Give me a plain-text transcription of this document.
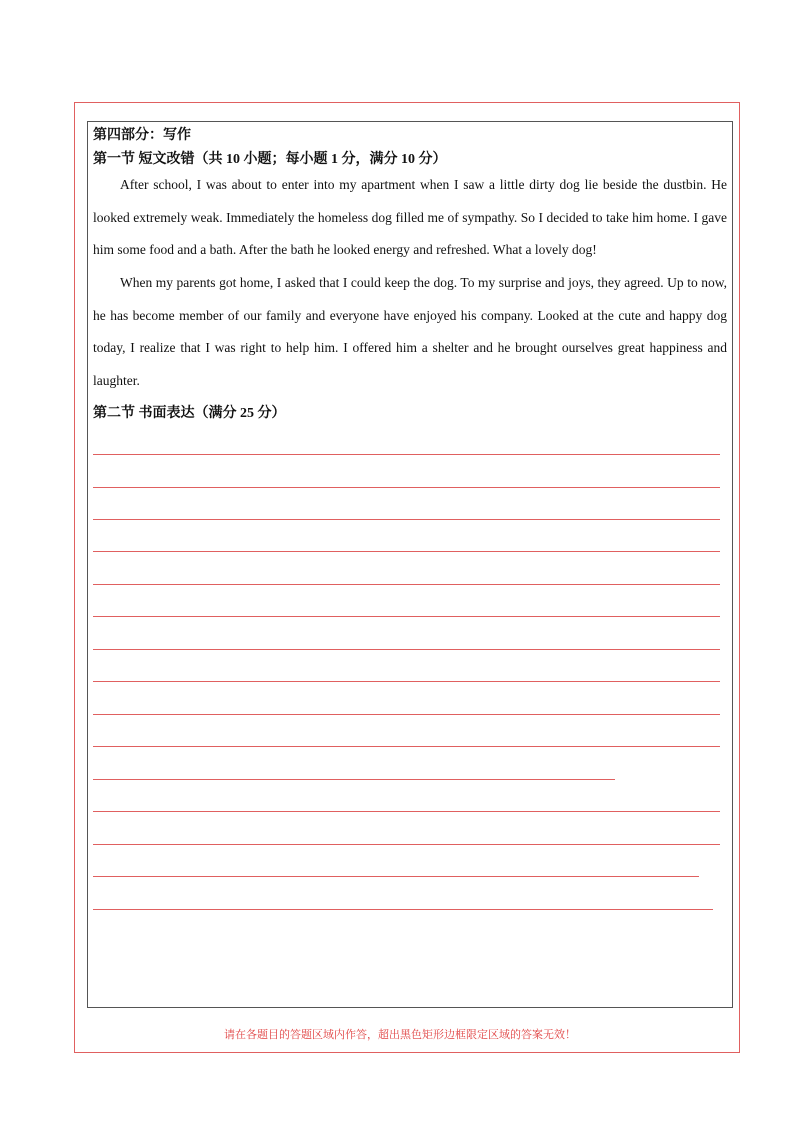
第四部分：写作
第一节 短文改错（共 10 小题；每小题 1 分，满分 10 分）

After school, I was about to enter into my apartment when I saw a little dirty dog lie beside the dustbin. He looked extremely weak. Immediately the homeless dog filled me of sympathy. So I decided to take him home. I gave him some food and a bath. After the bath he looked energy and refreshed. What a lovely dog!

When my parents got home, I asked that I could keep the dog. To my surprise and joys, they agreed. Up to now, he has become member of our family and everyone have enjoyed his company. Looked at the cute and happy dog today, I realize that I was right to help him. I offered him a shelter and he brought ourselves great happiness and laughter.

第二节 书面表达（满分 25 分）
请在各题目的答题区域内作答，超出黑色矩形边框限定区域的答案无效！
